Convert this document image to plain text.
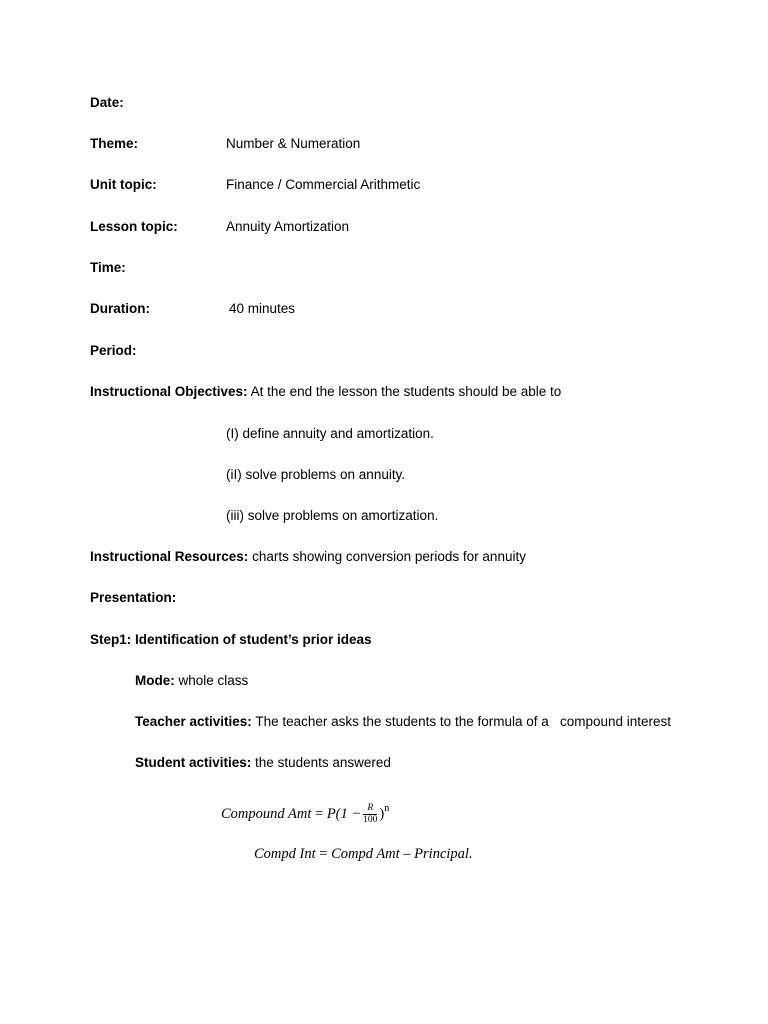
Date:
Theme:	Number & Numeration
Unit topic:	Finance / Commercial Arithmetic
Lesson topic:	Annuity Amortization
Time:
Duration:	40 minutes
Period:
Instructional Objectives: At the end the lesson the students should be able to
(I) define annuity and amortization.
(iI) solve problems on annuity.
(iii) solve problems on amortization.
Instructional Resources: charts showing conversion periods for annuity
Presentation:
Step1: Identification of student’s prior ideas
Mode: whole class
Teacher activities: The teacher asks the students to the formula of a   compound interest
Student activities: the students answered
Compound Amt = $P(1 - \frac{R}{100} )^n$
Compd Int = Compd Amt – Principal.
